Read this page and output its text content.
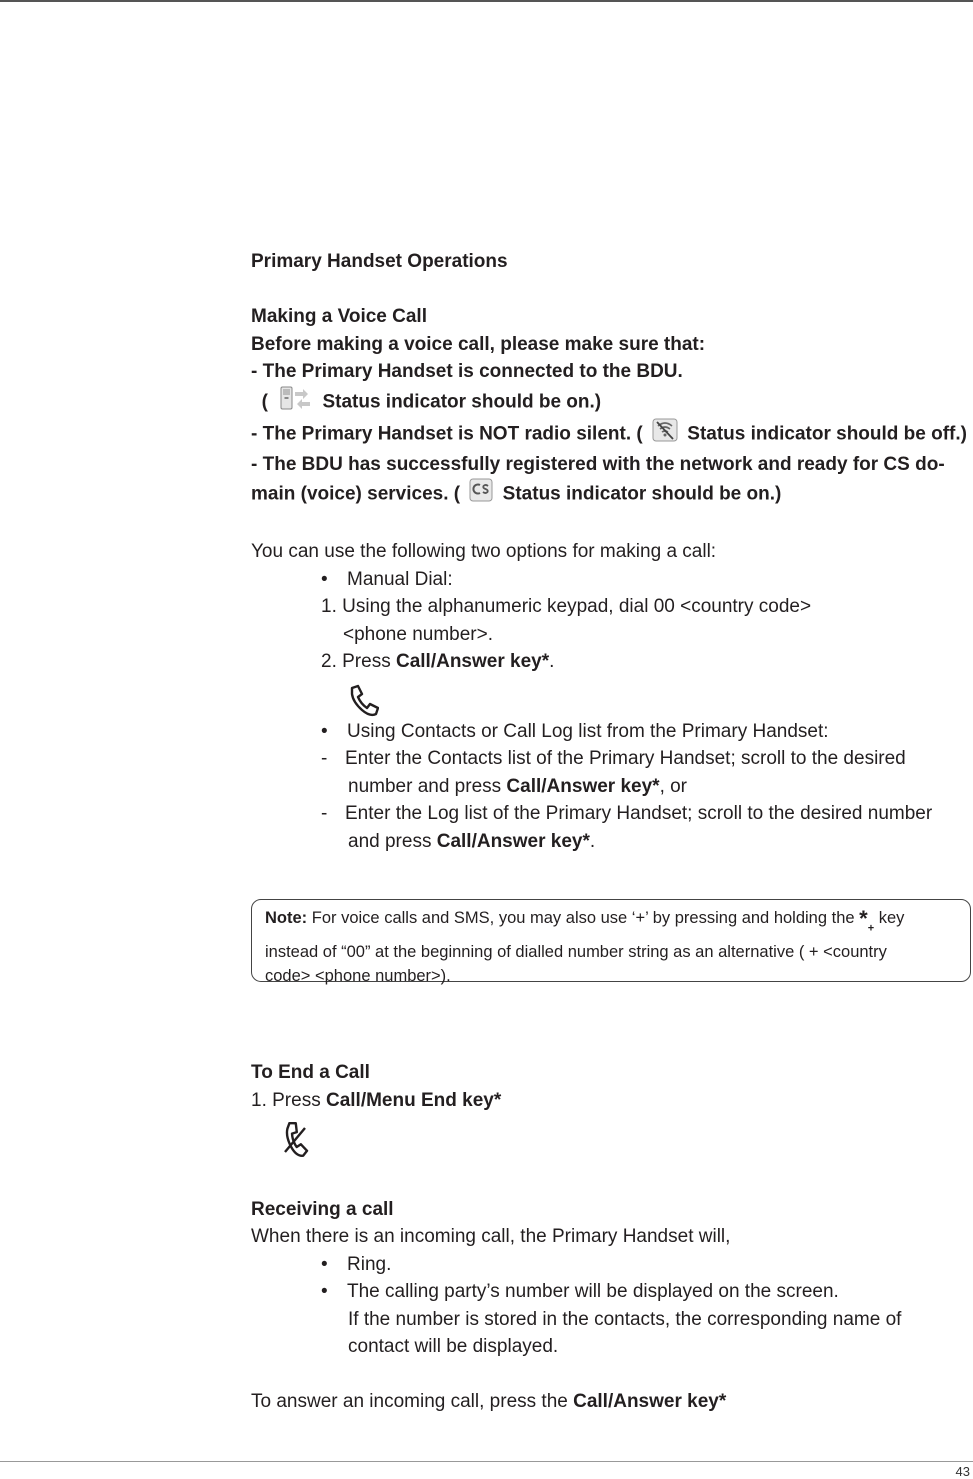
Primary Handset Operations

Making a Voice Call

Before making a voice call, please make sure that:

- The Primary Handset is connected to the BDU.

(	Status indicator should be on.)

- The Primary Handset is NOT radio silent. ( Status indicator should be off.)

- The BDU has successfully registered with the network and ready for CS do-

main (voice) services. ( Status indicator should be on.)

You can use the following two options for making a call:

• Manual Dial:

1. Using the alphanumeric keypad, dial 00 <country code>

<phone number>.

2. Press Call/Answer key*.

• Using Contacts or Call Log list from the Primary Handset:

- Enter the Contacts list of the Primary Handset; scroll to the desired

number and press Call/Answer key*, or

- Enter the Log list of the Primary Handset; scroll to the desired number

and press Call/Answer key*.

Note: For voice calls and SMS, you may also use ‘+’ by pressing and holding the $*_+$ key
instead of “00” at the beginning of dialled number string as an alternative ( + <country
code> <phone number>).

To End a Call

1. Press Call/Menu End key*

Receiving a call

When there is an incoming call, the Primary Handset will,

• Ring.

• The calling party’s number will be displayed on the screen.

If the number is stored in the contacts, the corresponding name of

contact will be displayed.

To answer an incoming call, press the Call/Answer key*

43
